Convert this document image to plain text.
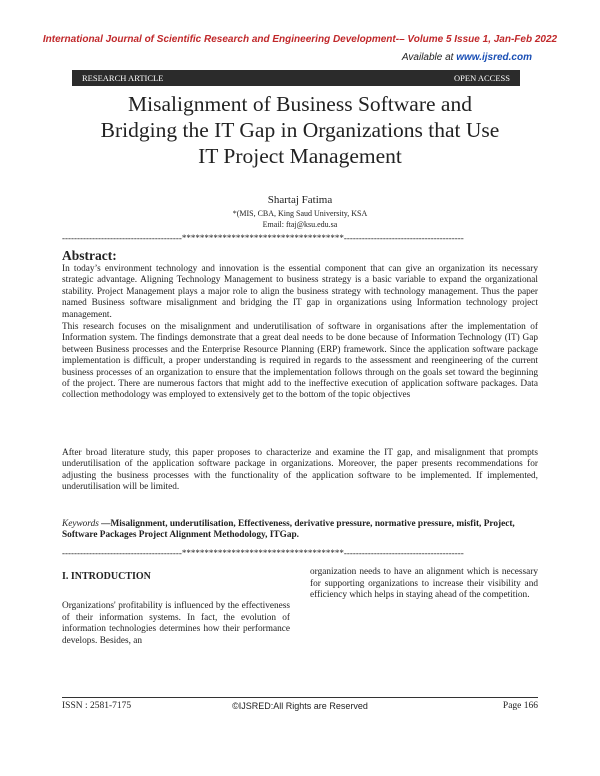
International Journal of Scientific Research and Engineering Development-– Volume 5 Issue 1, Jan-Feb 2022
Available at www.ijsred.com
RESEARCH ARTICLE	OPEN ACCESS
Misalignment of Business Software and
Bridging the IT Gap in Organizations that Use
IT Project Management
Shartaj Fatima
*(MIS, CBA, King Saud University, KSA
Email: ftaj@ksu.edu.sa
----------------------------------------************************************----------------------------------------
Abstract:
In today’s environment technology and innovation is the essential component that can give an organization its necessary strategic advantage. Aligning Technology Management to business strategy is a basic variable to expand the organizational stability. Project Management plays a major role to align the business strategy with technology management. Thus the paper named Business software misalignment and bridging the IT gap in organizations using Information technology project management.
This research focuses on the misalignment and underutilisation of software in organisations after the implementation of Information system. The findings demonstrate that a great deal needs to be done because of Information Technology (IT) Gap between Business processes and the Enterprise Resource Planning (ERP) framework. Since the application software package implementation is difficult, a proper understanding is required in regards to the assessment and reengineering of the current business processes of an organization to ensure that the implementation follows through on the goals set toward the beginning of the project. There are numerous factors that might add to the ineffective execution of application software packages. Data collection methodology was employed to extensively get to the bottom of the topic objectives
After broad literature study, this paper proposes to characterize and examine the IT gap, and misalignment that prompts underutilisation of the application software package in organizations. Moreover, the paper presents recommendations for adjusting the business processes with the functionality of the application software to be implemented. If implemented, underutilisation will be limited.
Keywords —Misalignment, underutilisation, Effectiveness, derivative pressure, normative pressure, misfit, Project, Software Packages Project Alignment Methodology, ITGap.
----------------------------------------************************************----------------------------------------
I. INTRODUCTION
Organizations' profitability is influenced by the effectiveness of their information systems. In fact, the evolution of information technologies determines how their performance develops. Besides, an
organization needs to have an alignment which is necessary for supporting organizations to increase their visibility and efficiency which helps in staying ahead of the competition.
ISSN : 2581-7175	©IJSRED:All Rights are Reserved	Page 166
